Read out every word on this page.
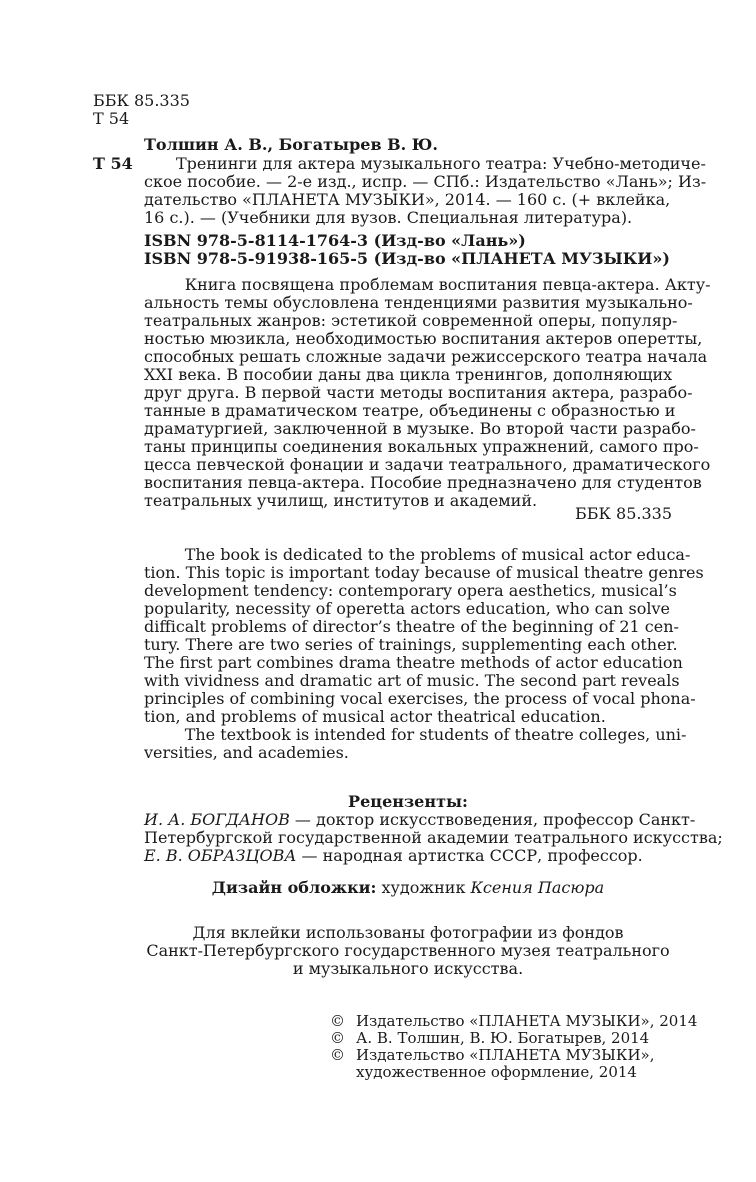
ББК 85.335
Т 54
Толшин А. В., Богатырев В. Ю.
Т 54	Тренинги для актера музыкального театра: Учебно-методиче-
ское пособие. — 2-е изд., испр. — СПб.: Издательство «Лань»; Из-
дательство «ПЛАНЕТА МУЗЫКИ», 2014. — 160 с. (+ вклейка,
16 с.). — (Учебники для вузов. Специальная литература).
ISBN 978-5-8114-1764-3 (Изд-во «Лань»)
ISBN 978-5-91938-165-5 (Изд-во «ПЛАНЕТА МУЗЫКИ»)
Книга посвящена проблемам воспитания певца-актера. Акту-
альность темы обусловлена тенденциями развития музыкально-
театральных жанров: эстетикой современной оперы, популяр-
ностью мюзикла, необходимостью воспитания актеров оперетты,
способных решать сложные задачи режиссерского театра начала
XXI века. В пособии даны два цикла тренингов, дополняющих
друг друга. В первой части методы воспитания актера, разрабо-
танные в драматическом театре, объединены с образностью и
драматургией, заключенной в музыке. Во второй части разрабо-
таны принципы соединения вокальных упражнений, самого про-
цесса певческой фонации и задачи театрального, драматического
воспитания певца-актера. Пособие предназначено для студентов
театральных училищ, институтов и академий.
ББК 85.335
The book is dedicated to the problems of musical actor educa-
tion. This topic is important today because of musical theatre genres
development tendency: contemporary opera aesthetics, musical’s
popularity, necessity of operetta actors education, who can solve
difficalt problems of director’s theatre of the beginning of 21 cen-
tury. There are two series of trainings, supplementing each other.
The first part combines drama theatre methods of actor education
with vividness and dramatic art of music. The second part reveals
principles of combining vocal exercises, the process of vocal phona-
tion, and problems of musical actor theatrical education.
The textbook is intended for students of theatre colleges, uni-
versities, and academies.
Рецензенты:
И. А. БОГДАНОВ — доктор искусствоведения, профессор Санкт-
Петербургской государственной академии театрального искусства;
Е. В. ОБРАЗЦОВА — народная артистка СССР, профессор.
Дизайн обложки: художник Ксения Пасюра
Для вклейки использованы фотографии из фондов
Санкт-Петербургского государственного музея театрального
и музыкального искусства.
© Издательство «ПЛАНЕТА МУЗЫКИ», 2014
© А. В. Толшин, В. Ю. Богатырев, 2014
© Издательство «ПЛАНЕТА МУЗЫКИ»,
художественное оформление, 2014
